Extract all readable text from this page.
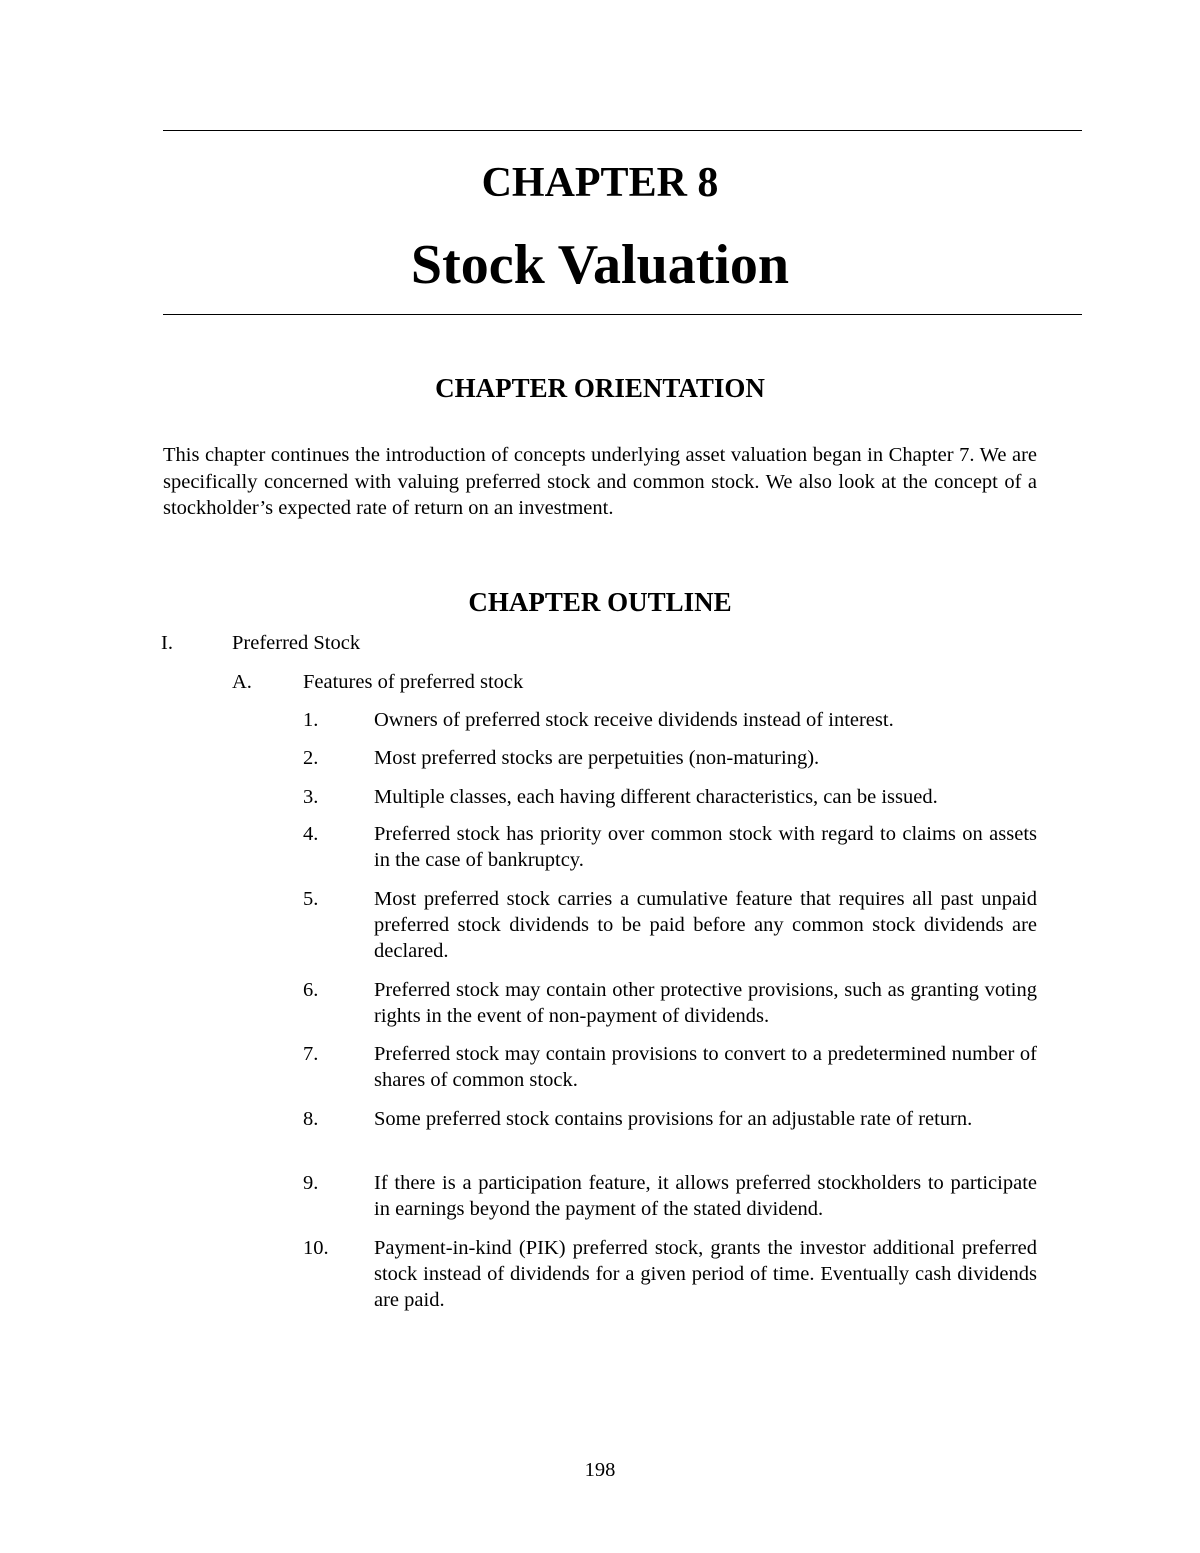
CHAPTER 8
Stock Valuation
CHAPTER ORIENTATION
This chapter continues the introduction of concepts underlying asset valuation began in Chapter 7. We are specifically concerned with valuing preferred stock and common stock. We also look at the concept of a stockholder’s expected rate of return on an investment.
CHAPTER OUTLINE
I.	Preferred Stock
A. Features of preferred stock
1.	Owners of preferred stock receive dividends instead of interest.
2.	Most preferred stocks are perpetuities (non-maturing).
3.	Multiple classes, each having different characteristics, can be issued.
4.	Preferred stock has priority over common stock with regard to claims on assets in the case of bankruptcy.
5.	Most preferred stock carries a cumulative feature that requires all past unpaid preferred stock dividends to be paid before any common stock dividends are declared.
6.	Preferred stock may contain other protective provisions, such as granting voting rights in the event of non-payment of dividends.
7.	Preferred stock may contain provisions to convert to a predetermined number of shares of common stock.
8.	Some preferred stock contains provisions for an adjustable rate of return.
9.	If there is a participation feature, it allows preferred stockholders to participate in earnings beyond the payment of the stated dividend.
10. Payment-in-kind (PIK) preferred stock, grants the investor additional preferred stock instead of dividends for a given period of time. Eventually cash dividends are paid.
198
